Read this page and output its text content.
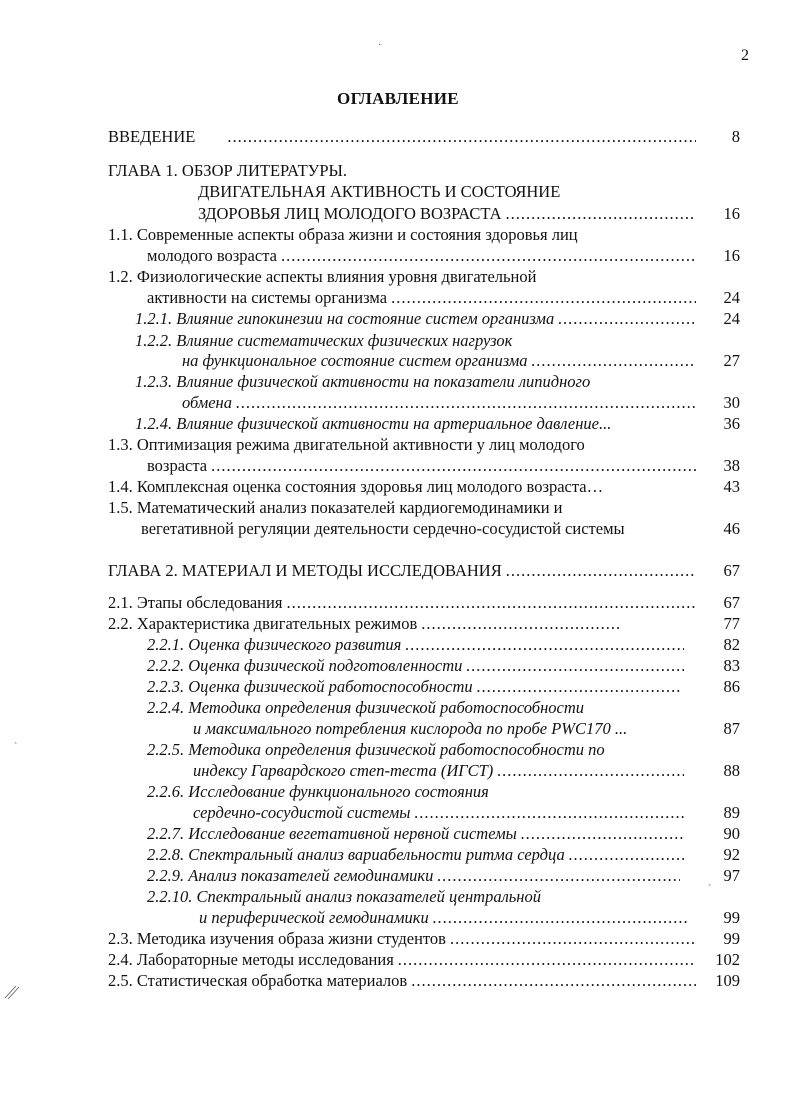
2
ОГЛАВЛЕНИЕ
ВВЕДЕНИЕ .....	8
ГЛАВА 1. ОБЗОР ЛИТЕРАТУРЫ.
ДВИГАТЕЛЬНАЯ АКТИВНОСТЬ И СОСТОЯНИЕ
ЗДОРОВЬЯ ЛИЦ МОЛОДОГО ВОЗРАСТА .....	16
1.1. Современные аспекты образа жизни и состояния здоровья лиц
молодого возраста .....	16
1.2. Физиологические аспекты влияния уровня двигательной
активности на системы организма .....	24
1.2.1. Влияние гипокинезии на состояние систем организма .....	24
1.2.2. Влияние систематических физических нагрузок
на функциональное состояние систем организма .....	27
1.2.3. Влияние физической активности на показатели липидного
обмена .....	30
1.2.4. Влияние физической активности на артериальное давление...	36
1.3. Оптимизация режима двигательной активности у лиц молодого
возраста .....	38
1.4. Комплексная оценка состояния здоровья лиц молодого возраста…	43
1.5. Математический анализ показателей кардиогемодинамики и
вегетативной регуляции деятельности сердечно-сосудистой системы	46
ГЛАВА 2. МАТЕРИАЛ И МЕТОДЫ ИССЛЕДОВАНИЯ .....	67
2.1. Этапы обследования .....	67
2.2. Характеристика двигательных режимов .....	77
2.2.1. Оценка физического развития .....	82
2.2.2. Оценка физической подготовленности .....	83
2.2.3. Оценка физической работоспособности .....	86
2.2.4. Методика определения физической работоспособности
и максимального потребления кислорода по пробе PWC170 ...	87
2.2.5. Методика определения физической работоспособности по
индексу Гарвардского степ-теста (ИГСТ) .....	88
2.2.6. Исследование функционального состояния
сердечно-сосудистой системы .....	89
2.2.7. Исследование вегетативной нервной системы .....	90
2.2.8. Спектральный анализ вариабельности ритма сердца .....	92
2.2.9. Анализ показателей гемодинамики .....	97
2.2.10. Спектральный анализ показателей центральной
и периферической гемодинамики .....	99
2.3. Методика изучения образа жизни студентов .....	99
2.4. Лабораторные методы исследования .....	102
2.5. Статистическая обработка материалов .....	109
·
ˋ
ˋ
